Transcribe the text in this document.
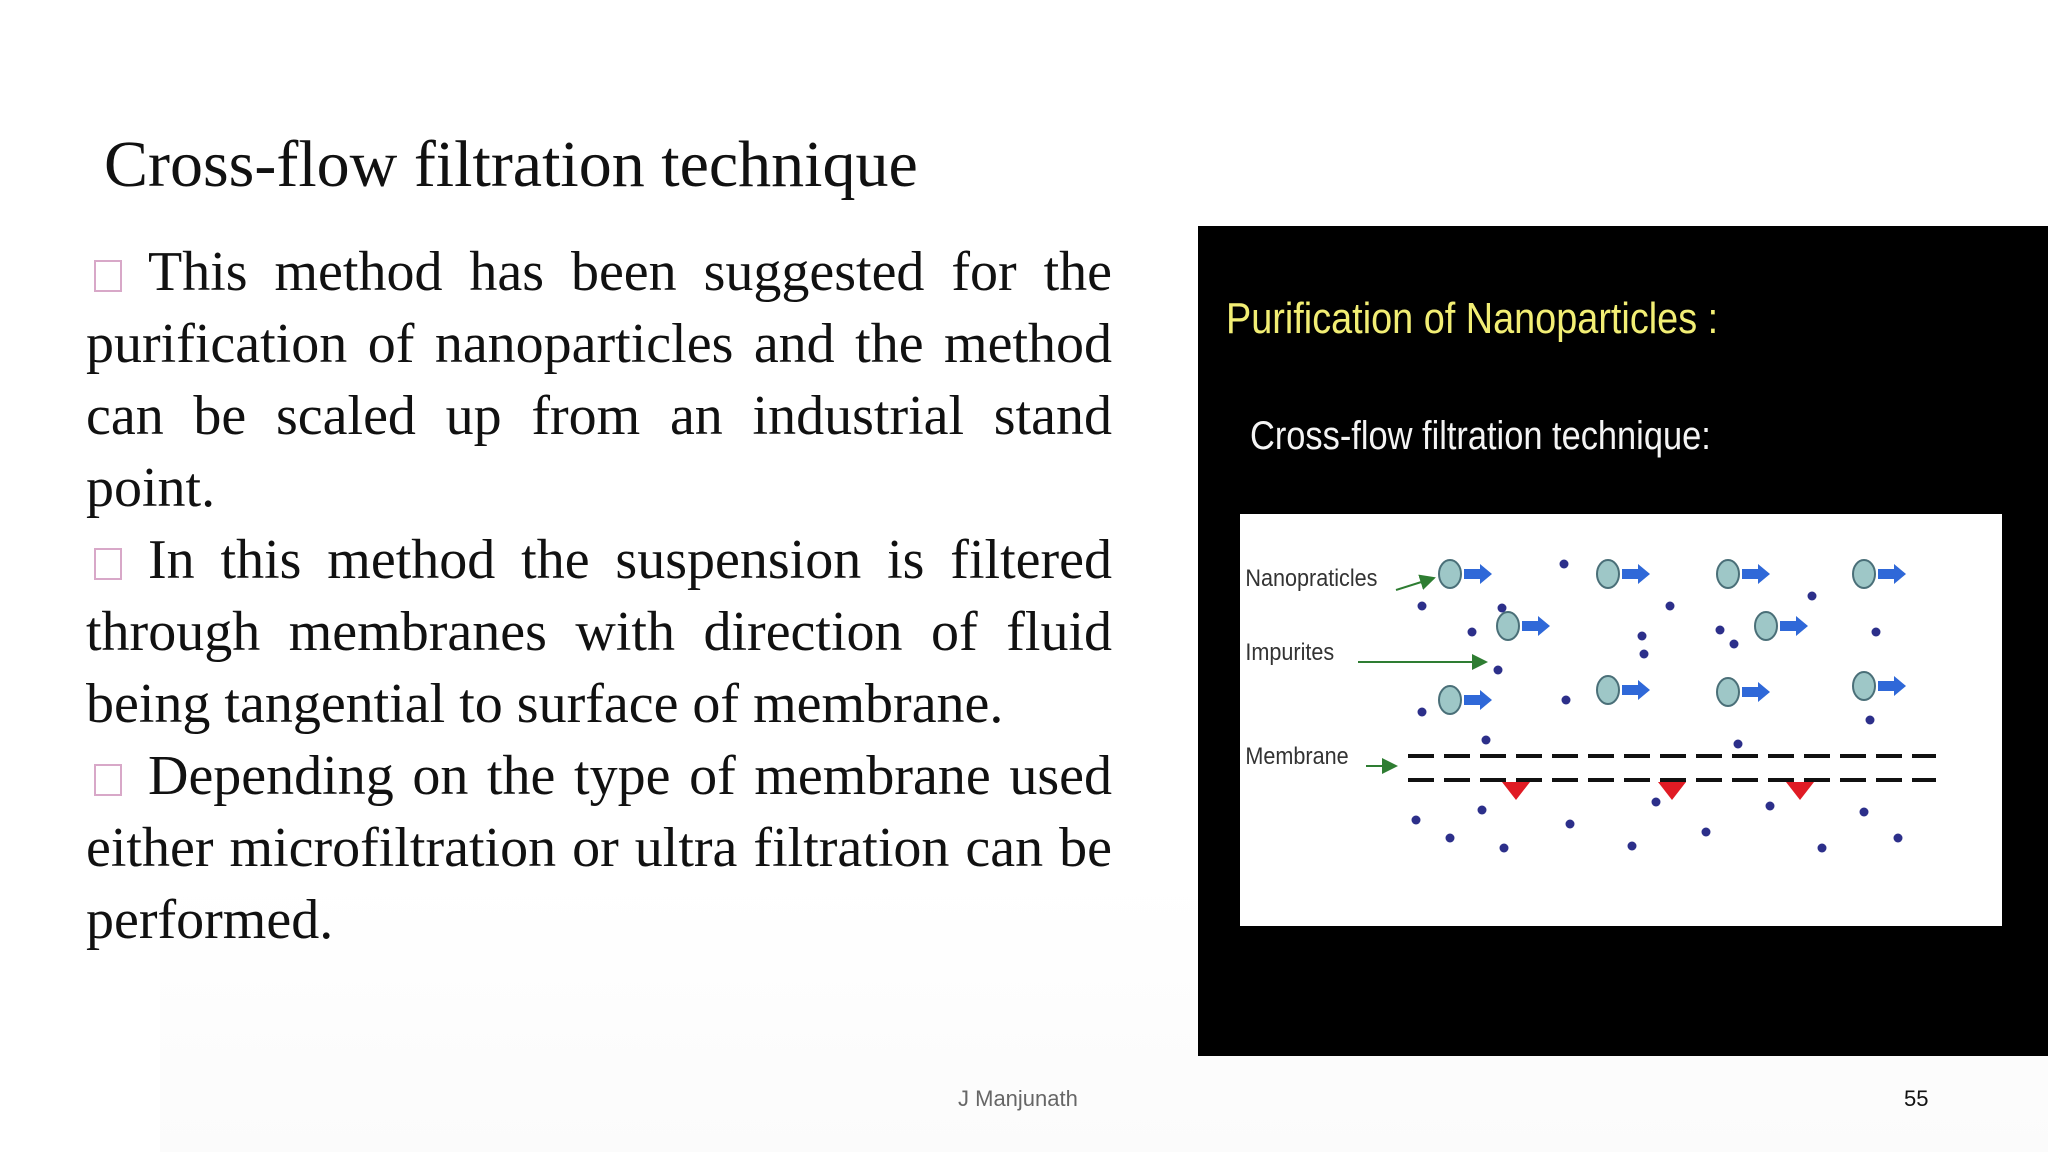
Cross-flow filtration technique

This method has been suggested for the purification of nanoparticles and the method can be scaled up from an industrial stand point.

In this method the suspension is filtered through membranes with direction of fluid being tangential to surface of membrane.

Depending on the type of membrane used either microfiltration or ultra filtration can be performed.

Purification of Nanoparticles :
Cross-flow filtration technique:
Nanopraticles
Impurites
Membrane
J Manjunath	55
